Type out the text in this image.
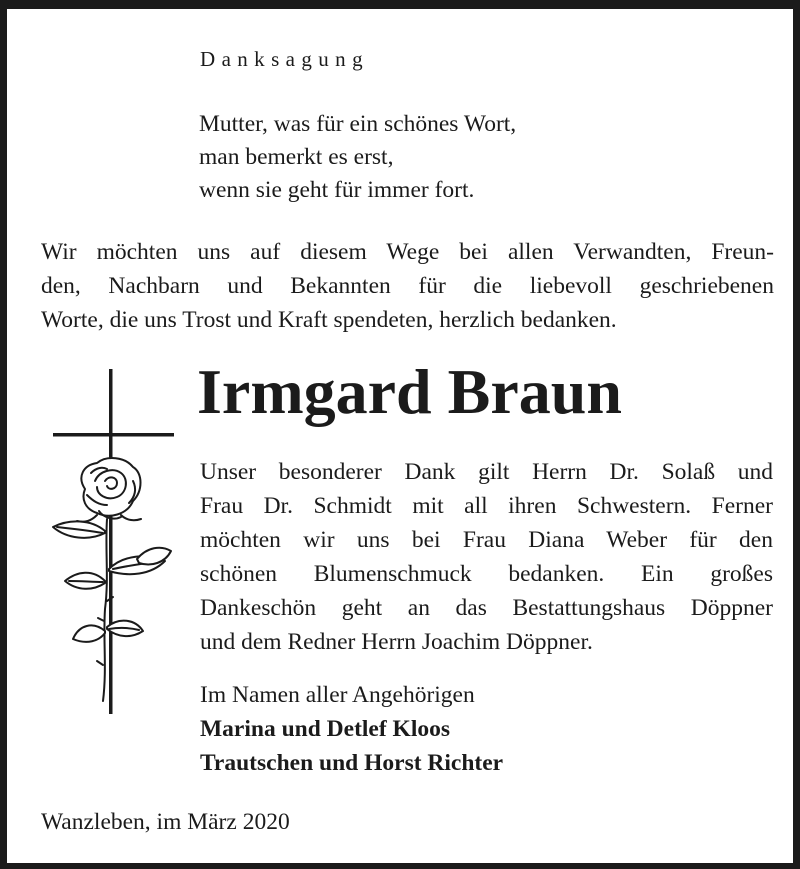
Danksagung

Mutter, was für ein schönes Wort,
man bemerkt es erst,
wenn sie geht für immer fort.
Wir möchten uns auf diesem Wege bei allen Verwandten, Freun-
den, Nachbarn und Bekannten für die liebevoll geschriebenen
Worte, die uns Trost und Kraft spendeten, herzlich bedanken.
Irmgard Braun
Unser besonderer Dank gilt Herrn Dr. Solaß und
Frau Dr. Schmidt mit all ihren Schwestern. Ferner
möchten wir uns bei Frau Diana Weber für den
schönen Blumenschmuck bedanken. Ein großes
Dankeschön geht an das Bestattungshaus Döppner
und dem Redner Herrn Joachim Döppner.
Im Namen aller Angehörigen
Marina und Detlef Kloos
Trautschen und Horst Richter

Wanzleben, im März 2020
